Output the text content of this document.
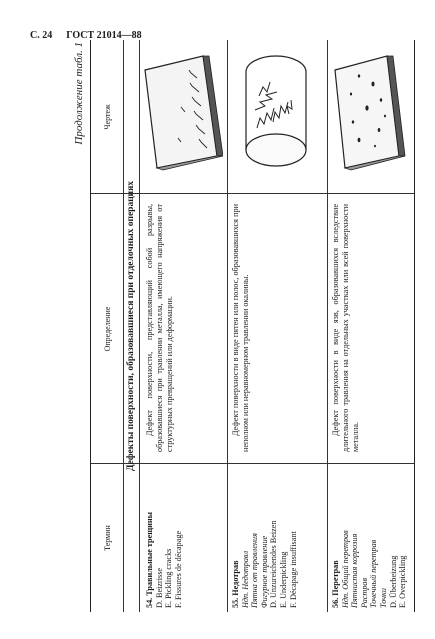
С. 24 ГОСТ 21014—88
Продолжение табл. 1
Термин
Определение
Чертеж
Дефекты поверхности, образовавшиеся при отделочных операциях
54. Травильные трещины D. Beizrisse E. Pickling cracks F. Fissures de décapage
Дефект поверхности, представляющий собой разрывы, образовавшиеся при травлении металла, имеющего напряжения от структурных превращений или деформации.
55. Недотрав Ндп. Недотравл Пятна от травления Фигурное травление D. Unzureichendes Beizen E. Underpickling F. Décapage insuffisant
Дефект поверхности в виде пятен или полос, образовавшихся при неполном или неравномерном травлении окалины.
56. Перетрав Ндп. Общий перетрав Пятнистая коррозия Растрав Точечный перетрав Точки D. Überbeizung E. Overpickling
Дефект поверхности в виде язв, образовавшихся вследствие длительного травления на отдельных участках или всей поверхности металла.
